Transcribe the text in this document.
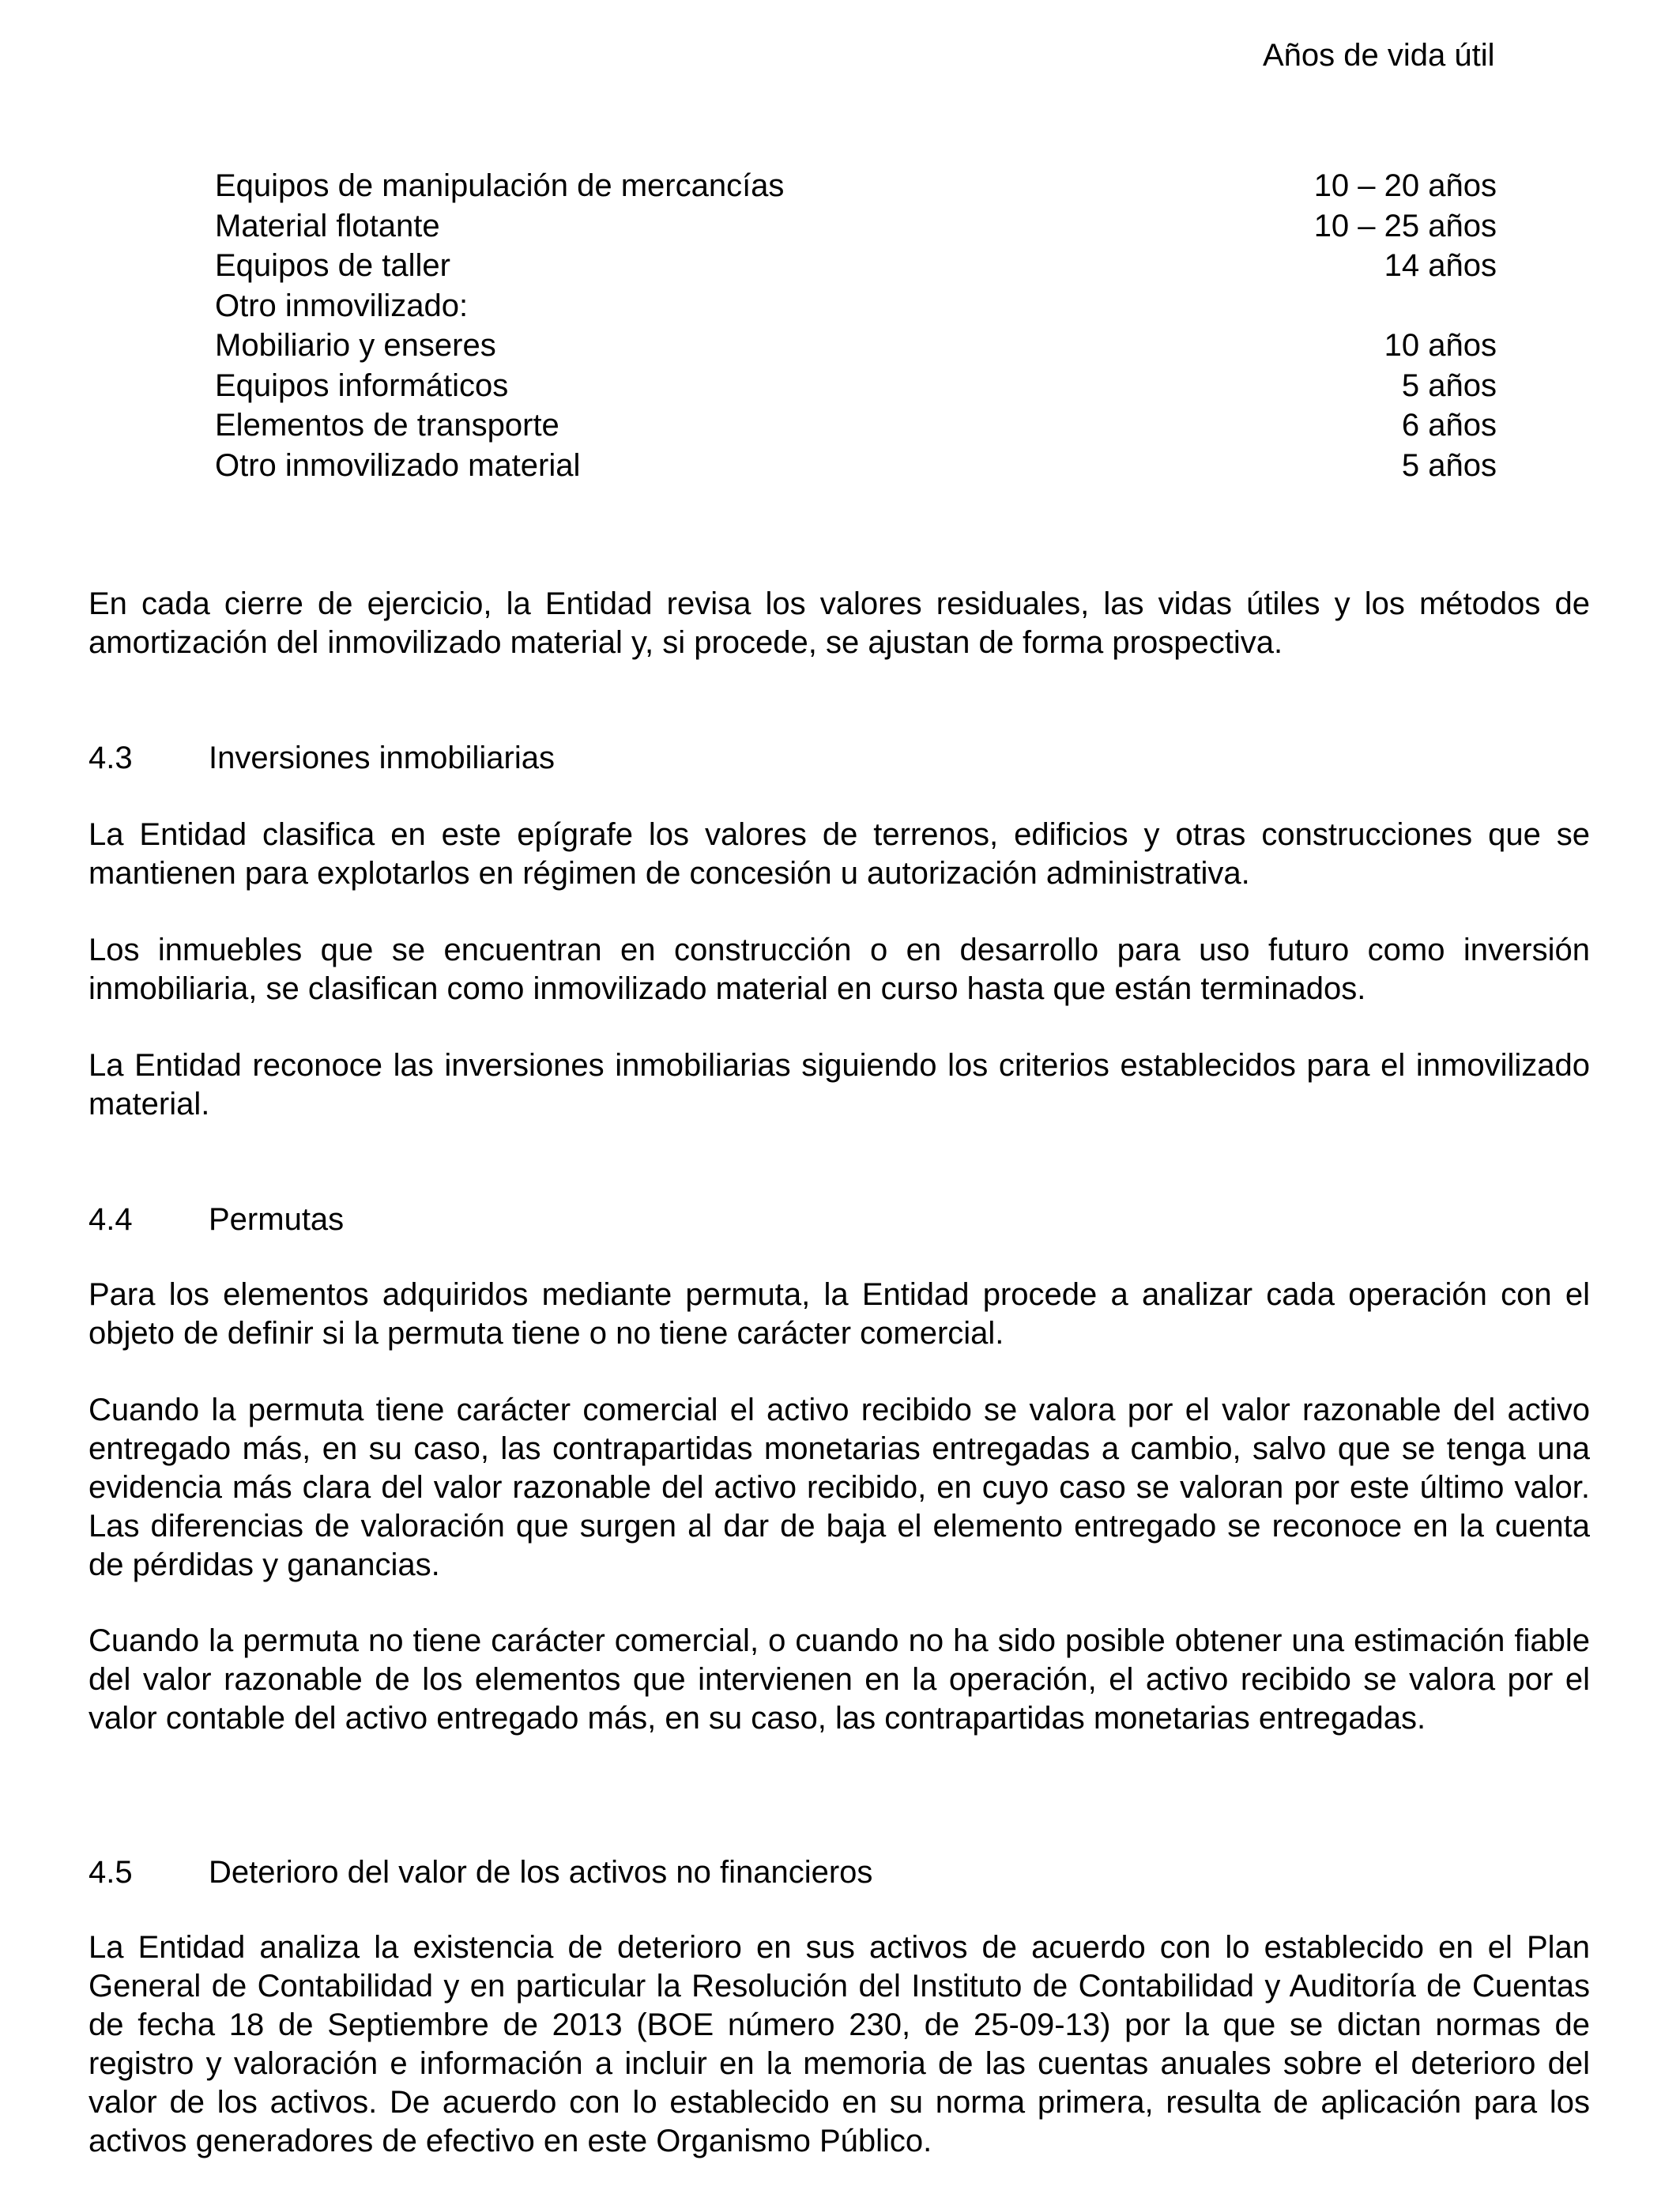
Años de vida útil
Equipos de manipulación de mercancías	10 – 20 años
Material flotante	10 – 25 años
Equipos de taller	14 años
Otro inmovilizado:
Mobiliario y enseres	10 años
Equipos informáticos	5 años
Elementos de transporte	6 años
Otro inmovilizado material	5 años

En cada cierre de ejercicio, la Entidad revisa los valores residuales, las vidas útiles y los métodos de amortización del inmovilizado material y, si procede, se ajustan de forma prospectiva.

4.3 Inversiones inmobiliarias

La Entidad clasifica en este epígrafe los valores de terrenos, edificios y otras construcciones que se mantienen para explotarlos en régimen de concesión u autorización administrativa.

Los inmuebles que se encuentran en construcción o en desarrollo para uso futuro como inversión inmobiliaria, se clasifican como inmovilizado material en curso hasta que están terminados.

La Entidad reconoce las inversiones inmobiliarias siguiendo los criterios establecidos para el inmovilizado material.

4.4 Permutas

Para los elementos adquiridos mediante permuta, la Entidad procede a analizar cada operación con el objeto de definir si la permuta tiene o no tiene carácter comercial.

Cuando la permuta tiene carácter comercial el activo recibido se valora por el valor razonable del activo entregado más, en su caso, las contrapartidas monetarias entregadas a cambio, salvo que se tenga una evidencia más clara del valor razonable del activo recibido, en cuyo caso se valoran por este último valor. Las diferencias de valoración que surgen al dar de baja el elemento entregado se reconoce en la cuenta de pérdidas y ganancias.

Cuando la permuta no tiene carácter comercial, o cuando no ha sido posible obtener una estimación fiable del valor razonable de los elementos que intervienen en la operación, el activo recibido se valora por el valor contable del activo entregado más, en su caso, las contrapartidas monetarias entregadas.

4.5 Deterioro del valor de los activos no financieros

La Entidad analiza la existencia de deterioro en sus activos de acuerdo con lo establecido en el Plan General de Contabilidad y en particular la Resolución del Instituto de Contabilidad y Auditoría de Cuentas de fecha 18 de Septiembre de 2013 (BOE número 230, de 25-09-13) por la que se dictan normas de registro y valoración e información a incluir en la memoria de las cuentas anuales sobre el deterioro del valor de los activos. De acuerdo con lo establecido en su norma primera, resulta de aplicación para los activos generadores de efectivo en este Organismo Público.
